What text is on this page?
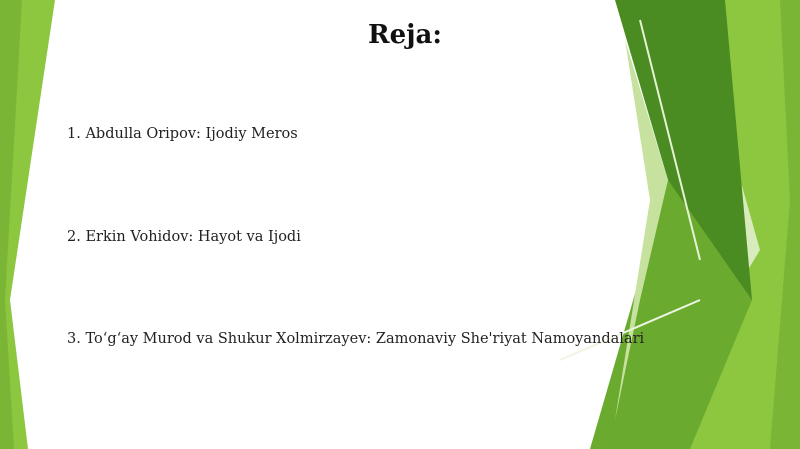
Reja:
1. Abdulla Oripov: Ijodiy Meros
2. Erkin Vohidov: Hayot va Ijodi
3. To‘g‘ay Murod va Shukur Xolmirzayev: Zamonaviy She'riyat Namoyandalari
